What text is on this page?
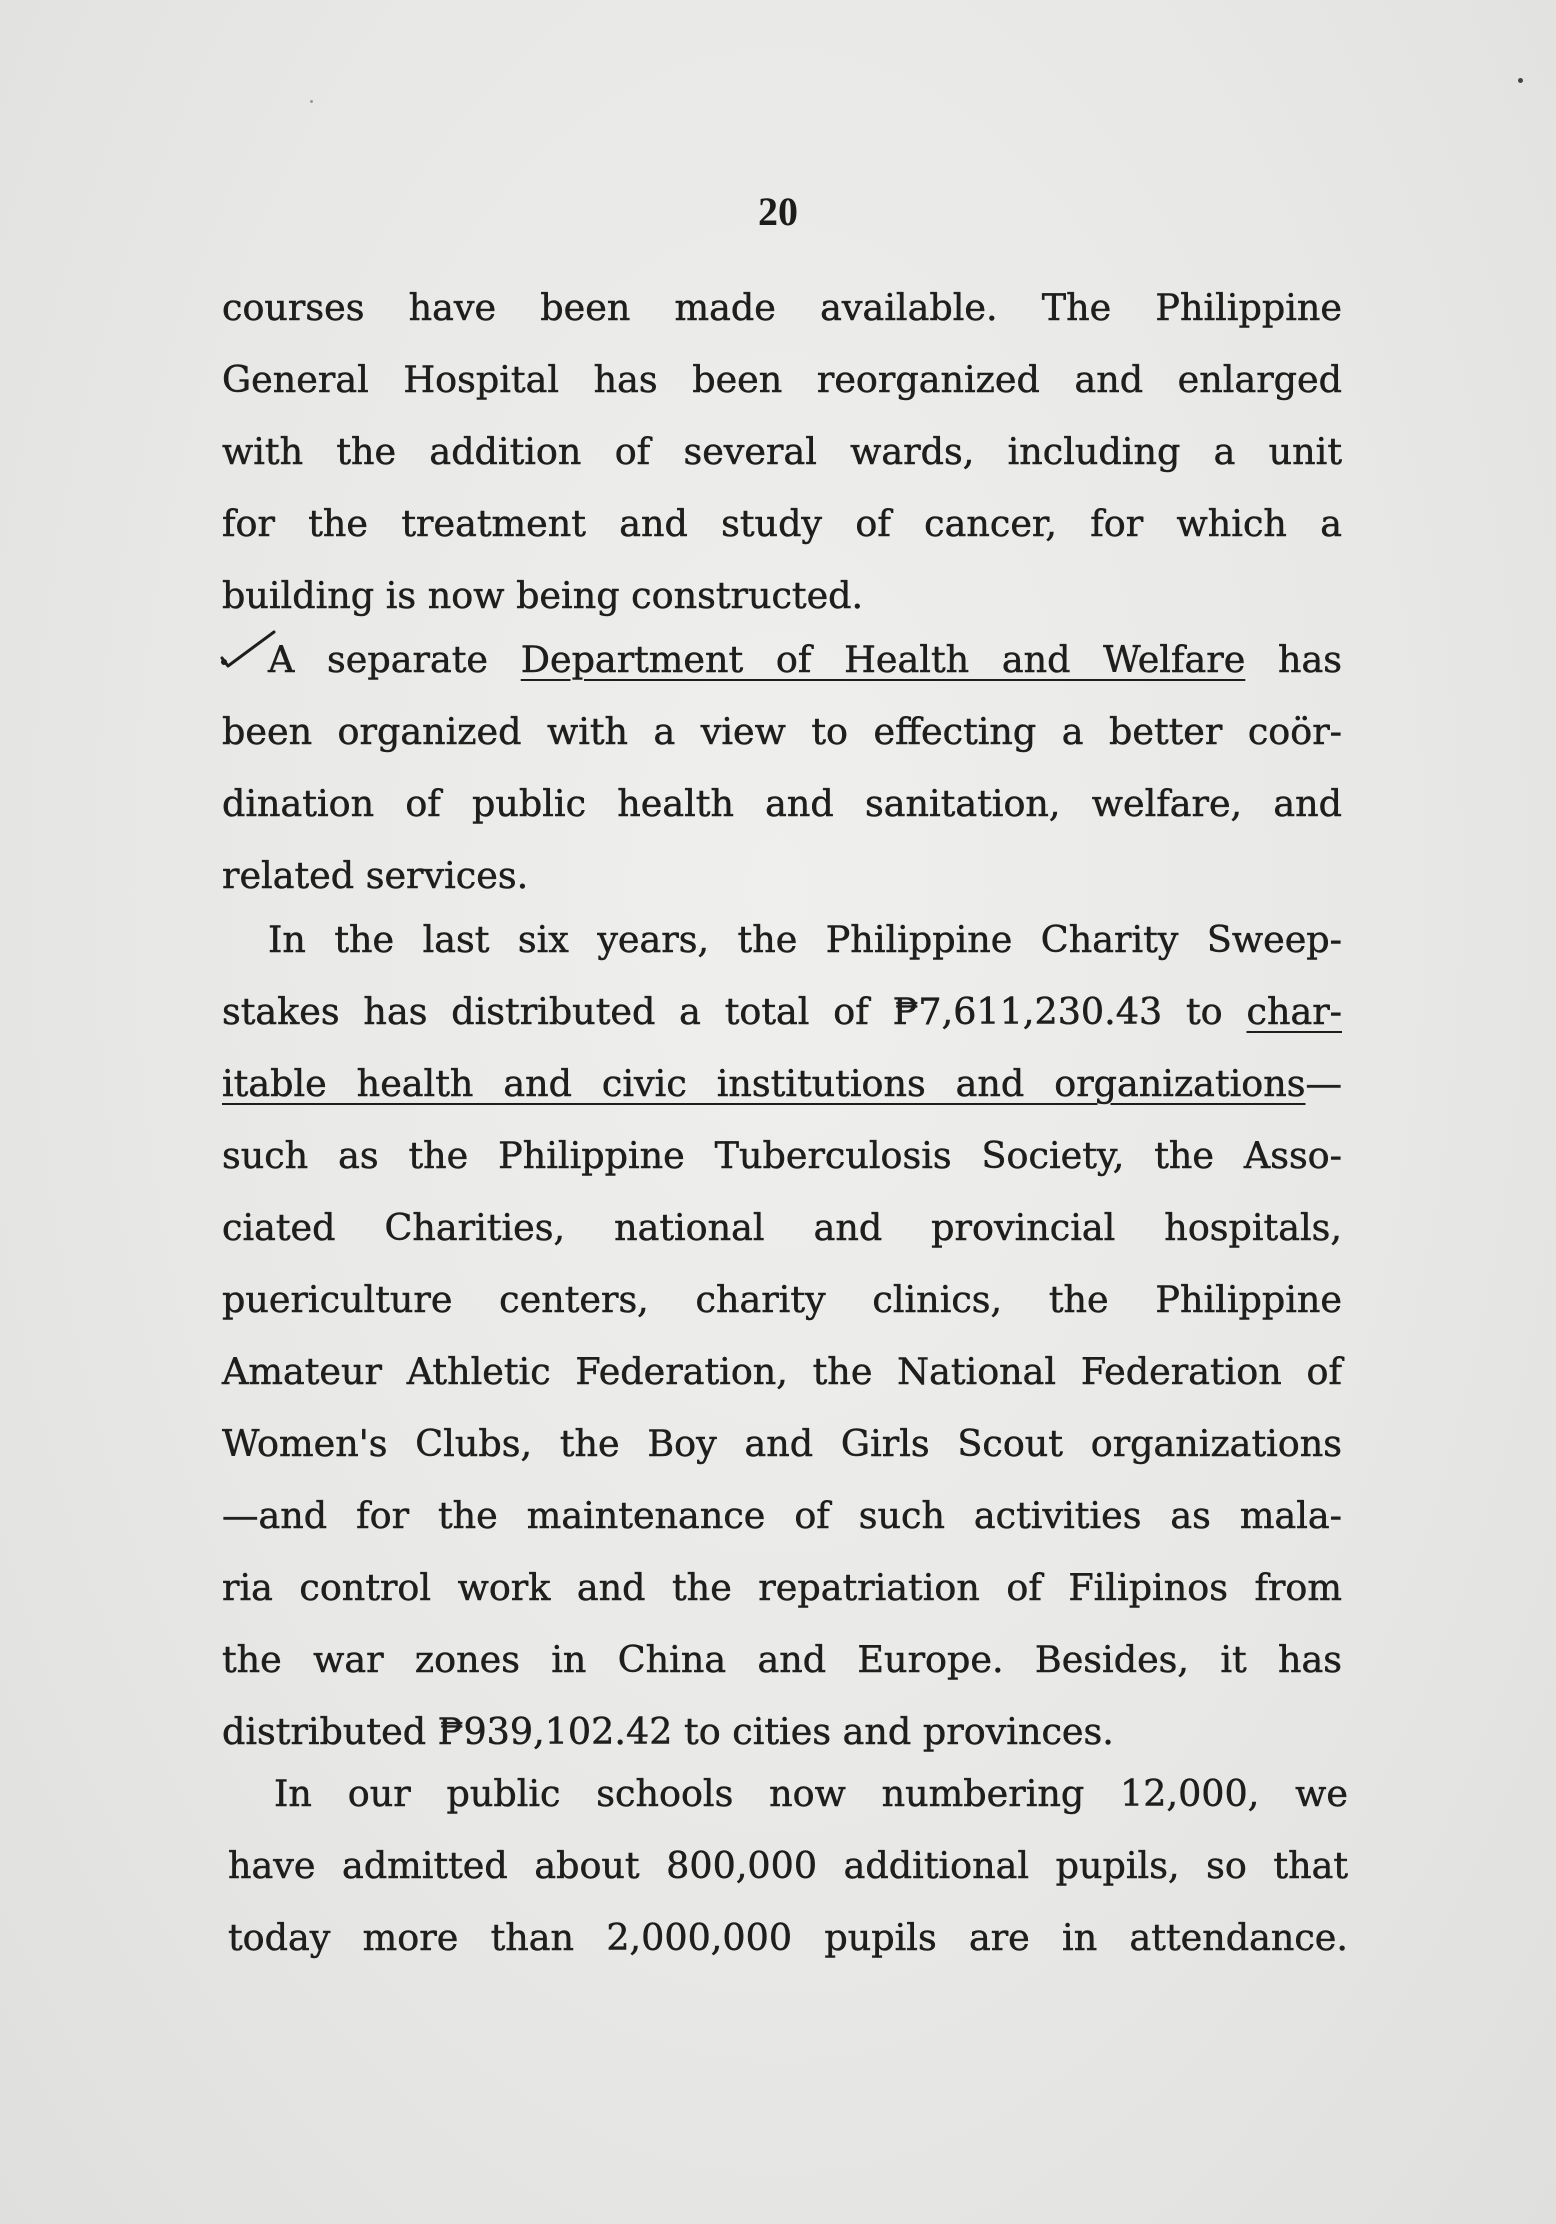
20
courses have been made available. The Philippine
General Hospital has been reorganized and enlarged
with the addition of several wards, including a unit
for the treatment and study of cancer, for which a
building is now being constructed.
A separate Department of Health and Welfare has
been organized with a view to effecting a better coör-
dination of public health and sanitation, welfare, and
related services.
In the last six years, the Philippine Charity Sweep-
stakes has distributed a total of ₱7,611,230.43 to char-
itable health and civic institutions and organizations—
such as the Philippine Tuberculosis Society, the Asso-
ciated Charities, national and provincial hospitals,
puericulture centers, charity clinics, the Philippine
Amateur Athletic Federation, the National Federation of
Women's Clubs, the Boy and Girls Scout organizations
—and for the maintenance of such activities as mala-
ria control work and the repatriation of Filipinos from
the war zones in China and Europe. Besides, it has
distributed ₱939,102.42 to cities and provinces.
In our public schools now numbering 12,000, we
have admitted about 800,000 additional pupils, so that
today more than 2,000,000 pupils are in attendance.
